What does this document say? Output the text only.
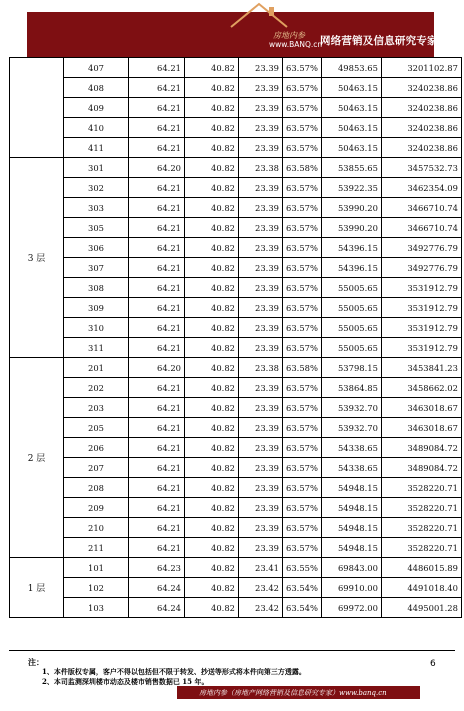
房地内参
www.BANQ.cn
网络营销及信息研究专家
	407	64.21	40.82	23.39	63.57%	49853.65	3201102.87
	408	64.21	40.82	23.39	63.57%	50463.15	3240238.86
	409	64.21	40.82	23.39	63.57%	50463.15	3240238.86
	410	64.21	40.82	23.39	63.57%	50463.15	3240238.86
	411	64.21	40.82	23.39	63.57%	50463.15	3240238.86
3 层	301	64.20	40.82	23.38	63.58%	53855.65	3457532.73
	302	64.21	40.82	23.39	63.57%	53922.35	3462354.09
	303	64.21	40.82	23.39	63.57%	53990.20	3466710.74
	305	64.21	40.82	23.39	63.57%	53990.20	3466710.74
	306	64.21	40.82	23.39	63.57%	54396.15	3492776.79
	307	64.21	40.82	23.39	63.57%	54396.15	3492776.79
	308	64.21	40.82	23.39	63.57%	55005.65	3531912.79
	309	64.21	40.82	23.39	63.57%	55005.65	3531912.79
	310	64.21	40.82	23.39	63.57%	55005.65	3531912.79
	311	64.21	40.82	23.39	63.57%	55005.65	3531912.79
2 层	201	64.20	40.82	23.38	63.58%	53798.15	3453841.23
	202	64.21	40.82	23.39	63.57%	53864.85	3458662.02
	203	64.21	40.82	23.39	63.57%	53932.70	3463018.67
	205	64.21	40.82	23.39	63.57%	53932.70	3463018.67
	206	64.21	40.82	23.39	63.57%	54338.65	3489084.72
	207	64.21	40.82	23.39	63.57%	54338.65	3489084.72
	208	64.21	40.82	23.39	63.57%	54948.15	3528220.71
	209	64.21	40.82	23.39	63.57%	54948.15	3528220.71
	210	64.21	40.82	23.39	63.57%	54948.15	3528220.71
	211	64.21	40.82	23.39	63.57%	54948.15	3528220.71
1 层	101	64.23	40.82	23.41	63.55%	69843.00	4486015.89
	102	64.24	40.82	23.42	63.54%	69910.00	4491018.40
	103	64.24	40.82	23.42	63.54%	69972.00	4495001.28
注：
1、本件版权专属，客户不得以包括但不限于转发、抄送等形式将本件向第三方透露。
2、本司监测深圳楼市动态及楼市销售数据已 15 年。
6
房地内参（房地产网络营销及信息研究专家）www.banq.cn
